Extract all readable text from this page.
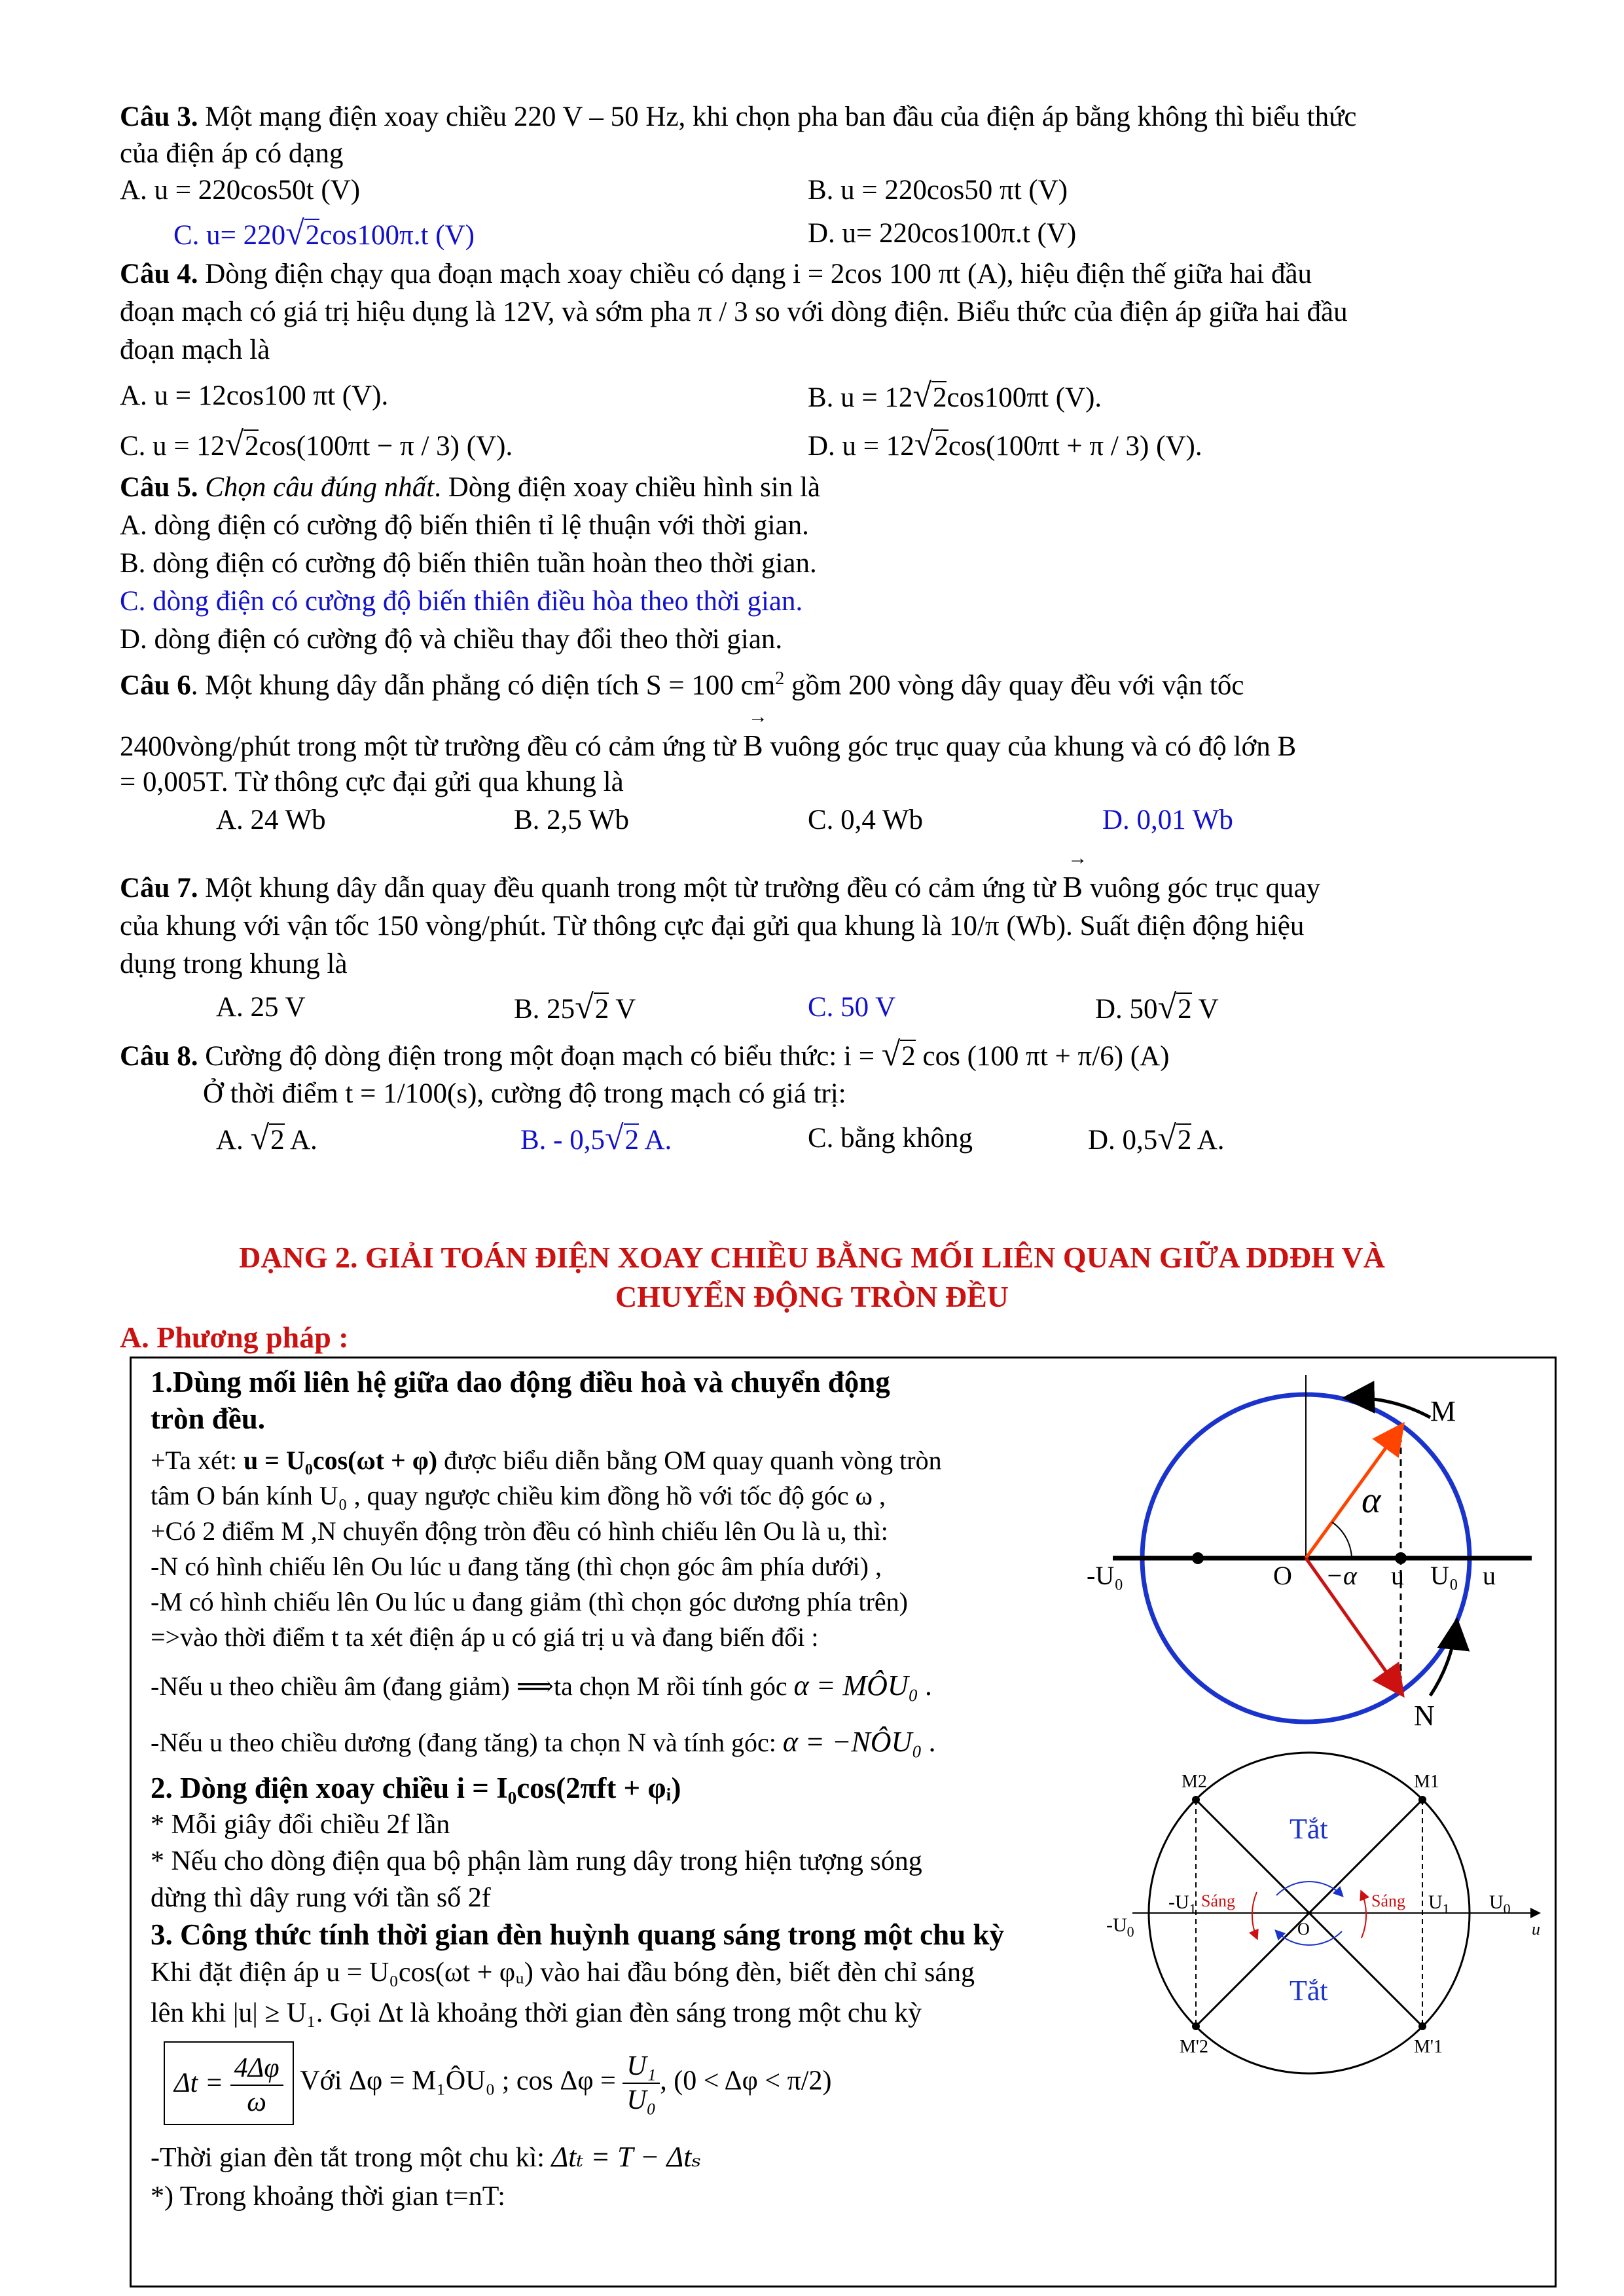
Câu 3. Một mạng điện xoay chiều 220 V – 50 Hz, khi chọn pha ban đầu của điện áp bằng không thì biểu thức
của điện áp có dạng
A. u = 220cos50t (V)	B. u = 220cos50 πt (V)
C. u= 220√2cos100π.t (V)	D. u= 220cos100π.t (V)
Câu 4. Dòng điện chạy qua đoạn mạch xoay chiều có dạng i = 2cos 100 πt (A), hiệu điện thế giữa hai đầu
đoạn mạch có giá trị hiệu dụng là 12V, và sớm pha π / 3 so với dòng điện. Biểu thức của điện áp giữa hai đầu
đoạn mạch là
A. u = 12cos100 πt (V).	B. u = 12√2cos100πt (V).
C. u = 12√2cos(100πt − π / 3) (V).	D. u = 12√2cos(100πt + π / 3) (V).
Câu 5. Chọn câu đúng nhất. Dòng điện xoay chiều hình sin là
A. dòng điện có cường độ biến thiên tỉ lệ thuận với thời gian.
B. dòng điện có cường độ biến thiên tuần hoàn theo thời gian.
C. dòng điện có cường độ biến thiên điều hòa theo thời gian.
D. dòng điện có cường độ và chiều thay đổi theo thời gian.
Câu 6. Một khung dây dẫn phẳng có diện tích S = 100 $cm^2$ gồm 200 vòng dây quay đều với vận tốc
2400vòng/phút trong một từ trường đều có cảm ứng từ
→
B vuông góc trục quay của khung và có độ lớn B
= 0,005T. Từ thông cực đại gửi qua khung là
A. 24 Wb	B. 2,5 Wb	C. 0,4 Wb	D. 0,01 Wb
Câu 7. Một khung dây dẫn quay đều quanh trong một từ trường đều có cảm ứng từ
→
B vuông góc trục quay
của khung với vận tốc 150 vòng/phút. Từ thông cực đại gửi qua khung là 10/π (Wb). Suất điện động hiệu
dụng trong khung là
A. 25 V	B. 25√2 V	C. 50 V	D. 50√2 V
Câu 8. Cường độ dòng điện trong một đoạn mạch có biểu thức: i = √2 cos (100 πt + π/6) (A)
Ở thời điểm t = 1/100(s), cường độ trong mạch có giá trị:
A. √2 A.	B. - 0,5√2 A.	C. bằng không	D. 0,5√2 A.
DẠNG 2. GIẢI TOÁN ĐIỆN XOAY CHIỀU BẰNG MỐI LIÊN QUAN GIỮA DDĐH VÀ
CHUYỂN ĐỘNG TRÒN ĐỀU
A. Phương pháp :
1.Dùng mối liên hệ giữa dao động điều hoà và chuyển động
tròn đều.
+Ta xét: u = U₀cos(ωt + φ) được biểu diễn bằng OM quay quanh vòng tròn
tâm O bán kính U₀ , quay ngược chiều kim đồng hồ với tốc độ góc ω ,
+Có 2 điểm M ,N chuyển động tròn đều có hình chiếu lên Ou là u, thì:
-N có hình chiếu lên Ou lúc u đang tăng (thì chọn góc âm phía dưới) ,
-M có hình chiếu lên Ou lúc u đang giảm (thì chọn góc dương phía trên)
=>vào thời điểm t ta xét điện áp u có giá trị u và đang biến đổi :
-Nếu u theo chiều âm (đang giảm) ⟹ta chọn M rồi tính góc α = MÔU₀ .
-Nếu u theo chiều dương (đang tăng) ta chọn N và tính góc: α = −NÔU₀ .
2. Dòng điện xoay chiều i = I₀cos(2πft + φᵢ)
* Mỗi giây đổi chiều 2f lần
* Nếu cho dòng điện qua bộ phận làm rung dây trong hiện tượng sóng
dừng thì dây rung với tần số 2f
3. Công thức tính thời gian đèn huỳnh quang sáng trong một chu kỳ
Khi đặt điện áp u = U₀cos(ωt + φᵤ) vào hai đầu bóng đèn, biết đèn chỉ sáng
lên khi |u| ≥ U₁. Gọi Δt là khoảng thời gian đèn sáng trong một chu kỳ
$\Delta t = \frac{4\Delta\varphi}{\omega}$ Với Δφ = M₁ÔU₀ ; $\cos \Delta\varphi = \frac{\text{U₁}}{\text{U₀}}$ , (0 < Δφ < π/2)
-Thời gian đèn tắt trong một chu kì: Δtₜ = T − Δtₛ
*) Trong khoảng thời gian t=nT:
M
N
-U₀	O −α u U₀ u
α
M2	M1
M'2	M'1
$-U_0$
$-U_1$	$U_1$ $U_0$
Sáng	Sáng
Tắt
Tắt
O	u
